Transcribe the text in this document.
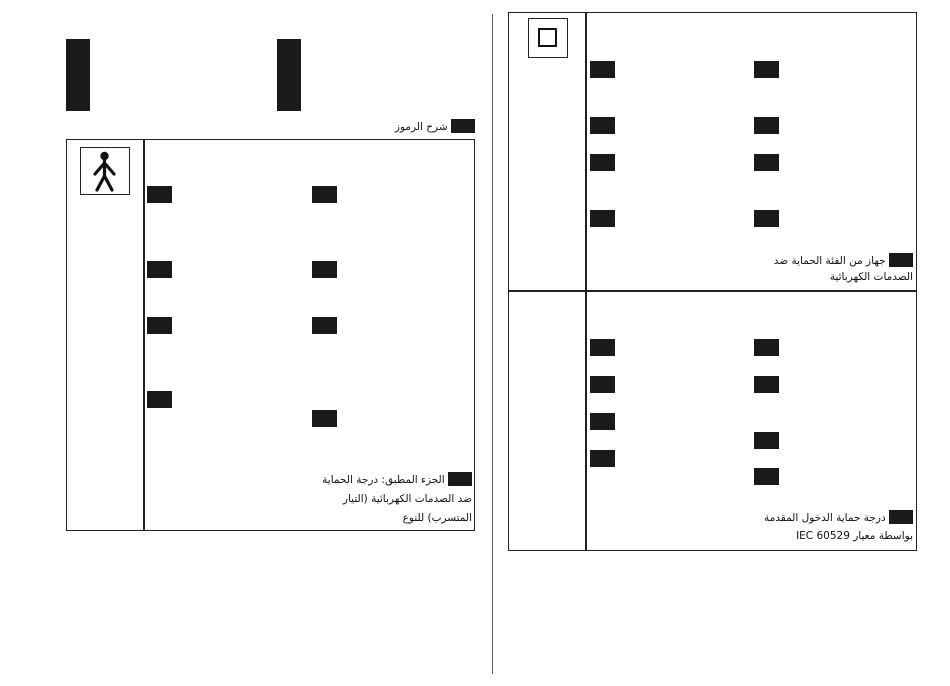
شرح الرموز
الجزء المطبق: درجة الحماية
ضد الصدمات الكهربائية (التيار
المتسرب) للنوع
جهاز من الفئة الحماية ضد
الصدمات الكهربائية
درجة حماية الدخول المقدمة
بواسطة معيار IEC 60529
